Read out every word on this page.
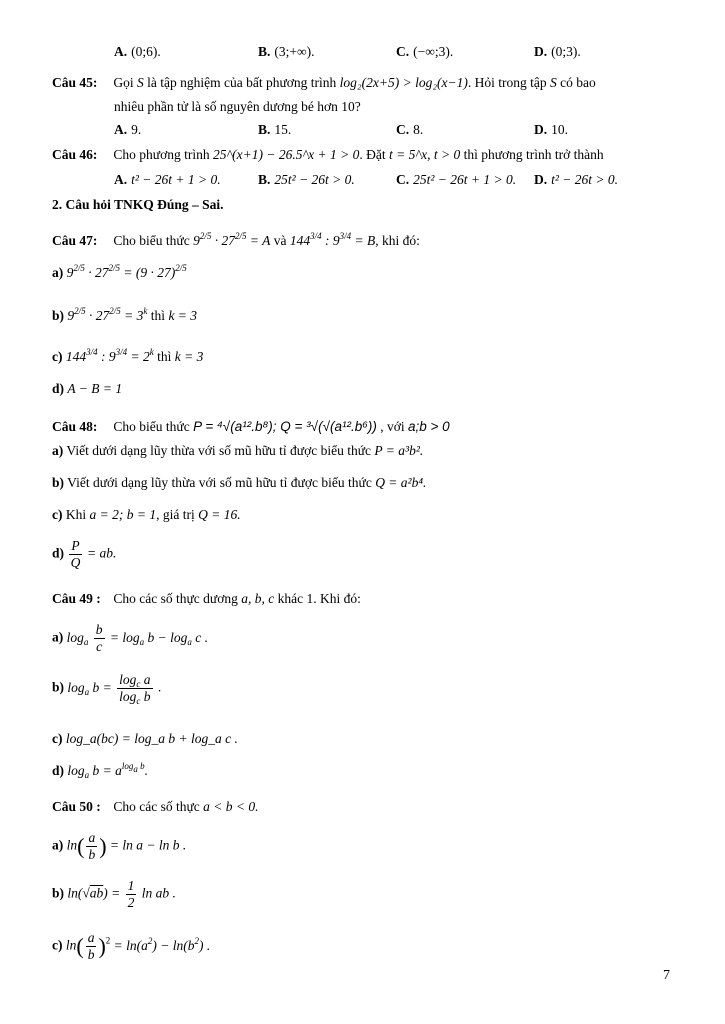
A. (0;6).	B. (3;+∞).	C. (−∞;3).	D. (0;3).
Câu 45: Gọi S là tập nghiệm của bất phương trình log₂(2x+5) > log₂(x−1). Hỏi trong tập S có bao
nhiêu phần tử là số nguyên dương bé hơn 10?
A. 9.	B. 15.	C. 8.	D. 10.
Câu 46: Cho phương trình 25^(x+1) − 26.5^x + 1 > 0. Đặt t = 5^x, t > 0 thì phương trình trở thành
A. t² − 26t + 1 > 0.	B. 25t² − 26t > 0.	C. 25t² − 26t + 1 > 0. D. t² − 26t > 0.
2. Câu hỏi TNKQ Đúng – Sai.
Câu 47: Cho biểu thức $9^{2/5} \cdot 27^{2/5} = A$ và $144^{3/4}$ : $9^{3/4} = B$, khi đó:
a) $9^{2/5} \cdot 27^{2/5} = (9 \cdot 27)^{2/5}$
b) $9^{2/5} \cdot 27^{2/5} = 3^k$ thì k = 3
c) $144^{3/4}$ : $9^{3/4} = 2^k$ thì k = 3
d) A − B = 1
Câu 48: Cho biểu thức P = ⁴√(a¹².b⁸); Q = ³√(√(a¹².b⁶)) , với a;b > 0
a) Viết dưới dạng lũy thừa với số mũ hữu tỉ được biểu thức P = a³b².
b) Viết dưới dạng lũy thừa với số mũ hữu tỉ được biểu thức Q = a²b⁴.
c) Khi a = 2; b = 1, giá trị Q = 16.
$d) \frac{P}{Q}$ = ab.
Câu 49 : Cho các số thực dương a, b, c khác 1. Khi đó:
a) $\log_a \frac{b}{c} = \log_a b - \log_a c$ .
b) $\log_a b = \frac{\log_c a}{\log_c b}$ .
c) log_a(bc) = log_a b + log_a c .
d) $\log_a b = a^{log_a b}$.
Câu 50 : Cho các số thực a < b < 0.
a) $\ln( \frac{a}{b}$ ) = ln a − ln b .
b) $\ln(√ab) = \frac{1}{2}$ ln ab .
c) $\ln( \frac{a}{b} )^2 = \ln(a^2) - \ln(b^2)$ .
7
